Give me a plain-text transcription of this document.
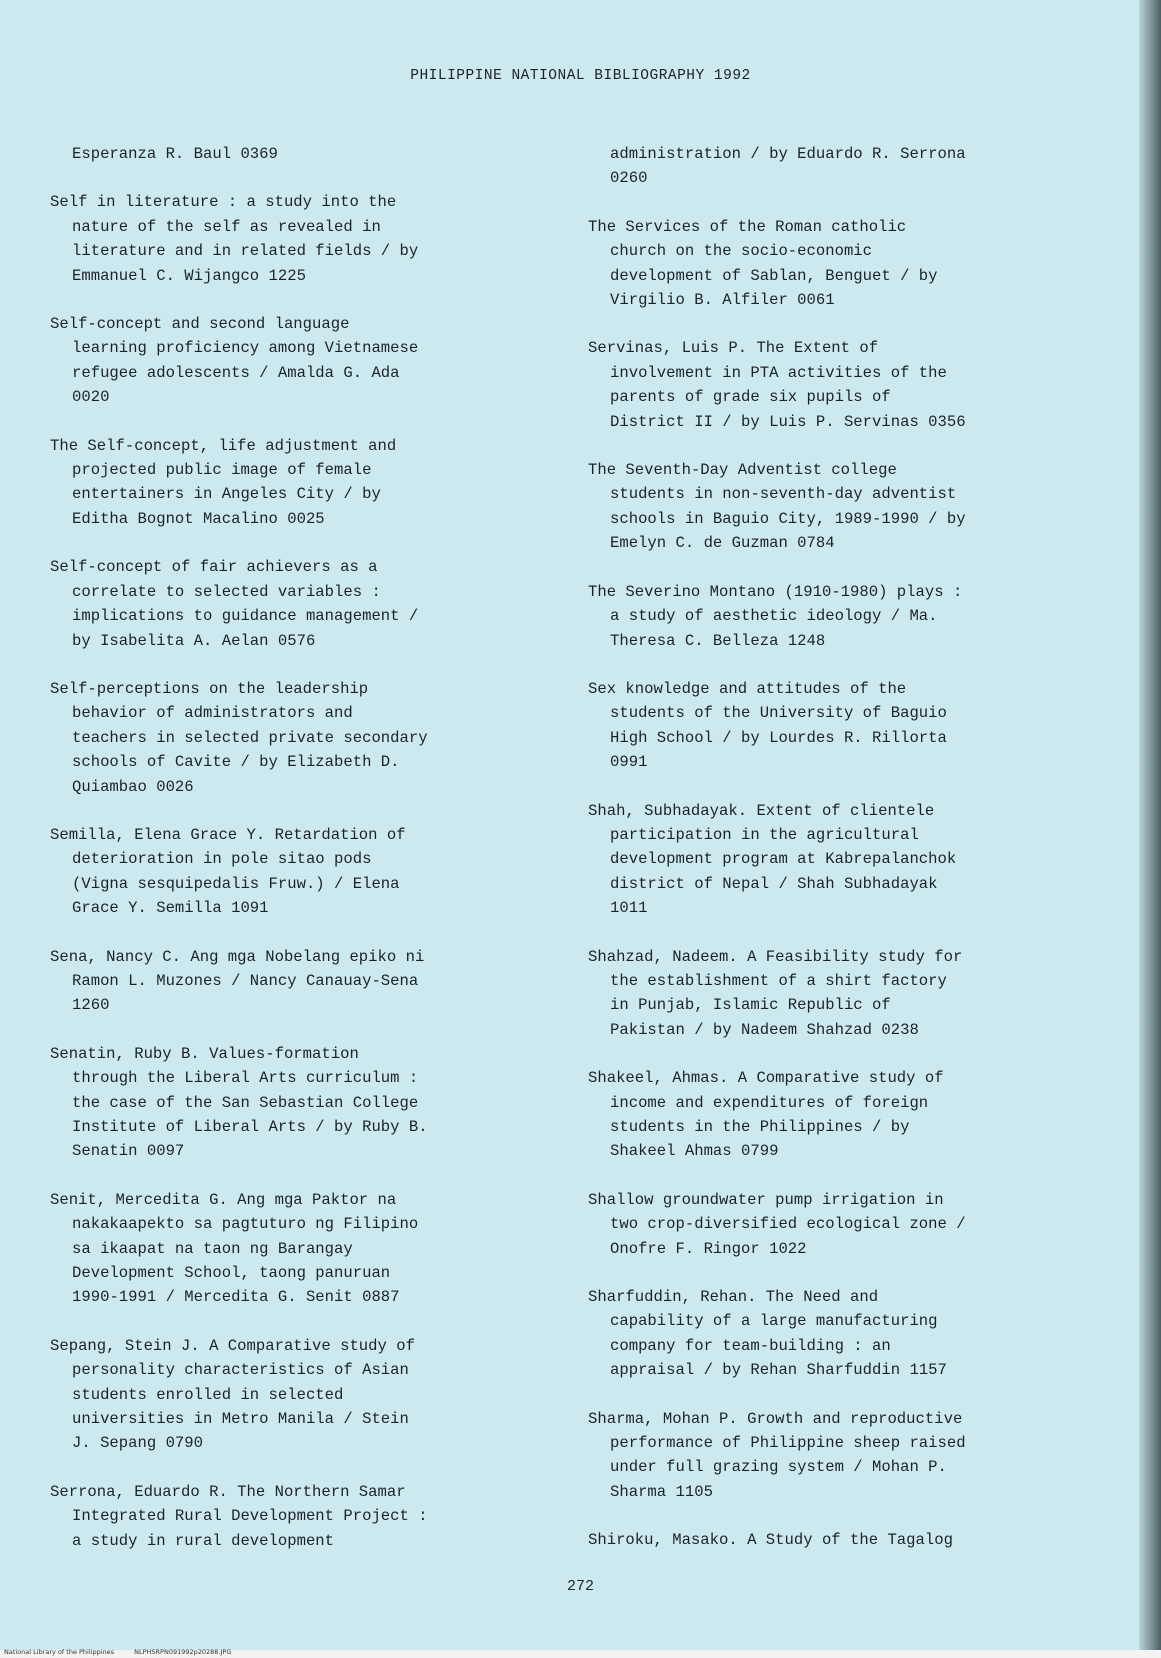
PHILIPPINE NATIONAL BIBLIOGRAPHY 1992
Esperanza R. Baul 0369
Self in literature : a study into the
nature of the self as revealed in
literature and in related fields / by
Emmanuel C. Wijangco 1225
Self-concept and second language
learning proficiency among Vietnamese
refugee adolescents / Amalda G. Ada
0020
The Self-concept, life adjustment and
projected public image of female
entertainers in Angeles City / by
Editha Bognot Macalino 0025
Self-concept of fair achievers as a
correlate to selected variables :
implications to guidance management /
by Isabelita A. Aelan 0576
Self-perceptions on the leadership
behavior of administrators and
teachers in selected private secondary
schools of Cavite / by Elizabeth D.
Quiambao 0026
Semilla, Elena Grace Y. Retardation of
deterioration in pole sitao pods
(Vigna sesquipedalis Fruw.) / Elena
Grace Y. Semilla 1091
Sena, Nancy C. Ang mga Nobelang epiko ni
Ramon L. Muzones / Nancy Canauay-Sena
1260
Senatin, Ruby B. Values-formation
through the Liberal Arts curriculum :
the case of the San Sebastian College
Institute of Liberal Arts / by Ruby B.
Senatin 0097
Senit, Mercedita G. Ang mga Paktor na
nakakaapekto sa pagtuturo ng Filipino
sa ikaapat na taon ng Barangay
Development School, taong panuruan
1990-1991 / Mercedita G. Senit 0887
Sepang, Stein J. A Comparative study of
personality characteristics of Asian
students enrolled in selected
universities in Metro Manila / Stein
J. Sepang 0790
Serrona, Eduardo R. The Northern Samar
Integrated Rural Development Project :
a study in rural development
administration / by Eduardo R. Serrona
0260
The Services of the Roman catholic
church on the socio-economic
development of Sablan, Benguet / by
Virgilio B. Alfiler 0061
Servinas, Luis P. The Extent of
involvement in PTA activities of the
parents of grade six pupils of
District II / by Luis P. Servinas 0356
The Seventh-Day Adventist college
students in non-seventh-day adventist
schools in Baguio City, 1989-1990 / by
Emelyn C. de Guzman 0784
The Severino Montano (1910-1980) plays :
a study of aesthetic ideology / Ma.
Theresa C. Belleza 1248
Sex knowledge and attitudes of the
students of the University of Baguio
High School / by Lourdes R. Rillorta
0991
Shah, Subhadayak. Extent of clientele
participation in the agricultural
development program at Kabrepalanchok
district of Nepal / Shah Subhadayak
1011
Shahzad, Nadeem. A Feasibility study for
the establishment of a shirt factory
in Punjab, Islamic Republic of
Pakistan / by Nadeem Shahzad 0238
Shakeel, Ahmas. A Comparative study of
income and expenditures of foreign
students in the Philippines / by
Shakeel Ahmas 0799
Shallow groundwater pump irrigation in
two crop-diversified ecological zone /
Onofre F. Ringor 1022
Sharfuddin, Rehan. The Need and
capability of a large manufacturing
company for team-building : an
appraisal / by Rehan Sharfuddin 1157
Sharma, Mohan P. Growth and reproductive
performance of Philippine sheep raised
under full grazing system / Mohan P.
Sharma 1105
Shiroku, Masako. A Study of the Tagalog
272
National Library of the Philippines	NLPHSRPN091992p20288.JPG
